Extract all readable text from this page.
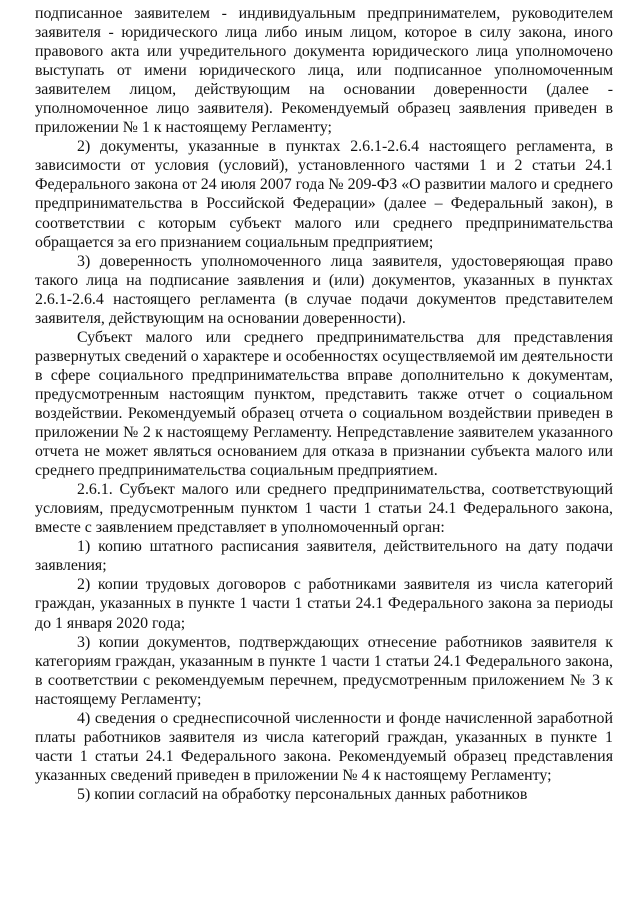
подписанное заявителем - индивидуальным предпринимателем, руководителем заявителя - юридического лица либо иным лицом, которое в силу закона, иного правового акта или учредительного документа юридического лица уполномочено выступать от имени юридического лица, или подписанное уполномоченным заявителем лицом, действующим на основании доверенности (далее - уполномоченное лицо заявителя). Рекомендуемый образец заявления приведен в приложении № 1 к настоящему Регламенту;

2) документы, указанные в пунктах 2.6.1-2.6.4 настоящего регламента, в зависимости от условия (условий), установленного частями 1 и 2 статьи 24.1 Федерального закона от 24 июля 2007 года № 209-ФЗ «О развитии малого и среднего предпринимательства в Российской Федерации» (далее – Федеральный закон), в соответствии с которым субъект малого или среднего предпринимательства обращается за его признанием социальным предприятием;

3) доверенность уполномоченного лица заявителя, удостоверяющая право такого лица на подписание заявления и (или) документов, указанных в пунктах 2.6.1-2.6.4 настоящего регламента (в случае подачи документов представителем заявителя, действующим на основании доверенности).

Субъект малого или среднего предпринимательства для представления развернутых сведений о характере и особенностях осуществляемой им деятельности в сфере социального предпринимательства вправе дополнительно к документам, предусмотренным настоящим пунктом, представить также отчет о социальном воздействии. Рекомендуемый образец отчета о социальном воздействии приведен в приложении № 2 к настоящему Регламенту. Непредставление заявителем указанного отчета не может являться основанием для отказа в признании субъекта малого или среднего предпринимательства социальным предприятием.

2.6.1. Субъект малого или среднего предпринимательства, соответствующий условиям, предусмотренным пунктом 1 части 1 статьи 24.1 Федерального закона, вместе с заявлением представляет в уполномоченный орган:

1) копию штатного расписания заявителя, действительного на дату подачи заявления;

2) копии трудовых договоров с работниками заявителя из числа категорий граждан, указанных в пункте 1 части 1 статьи 24.1 Федерального закона за периоды до 1 января 2020 года;

3) копии документов, подтверждающих отнесение работников заявителя к категориям граждан, указанным в пункте 1 части 1 статьи 24.1 Федерального закона, в соответствии с рекомендуемым перечнем, предусмотренным приложением № 3 к настоящему Регламенту;

4) сведения о среднесписочной численности и фонде начисленной заработной платы работников заявителя из числа категорий граждан, указанных в пункте 1 части 1 статьи 24.1 Федерального закона. Рекомендуемый образец представления указанных сведений приведен в приложении № 4 к настоящему Регламенту;

5) копии согласий на обработку персональных данных работников
